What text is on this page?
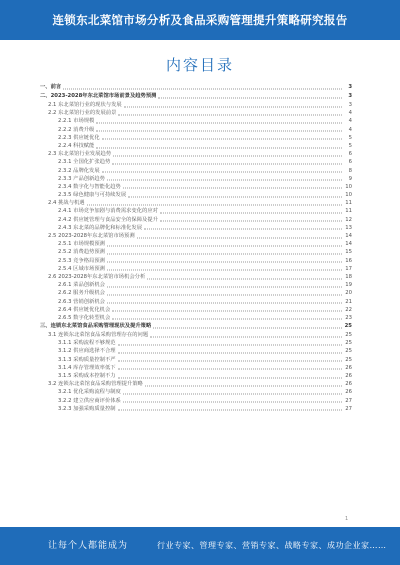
连锁东北菜馆市场分析及食品采购管理提升策略研究报告
内容目录
一、前言	3
二、2023-2028年东北菜馆市场前景及趋势预测	3
2.1 东北菜馆行业的现状与发展	3
2.2 东北菜馆行业的发展前景	4
2.2.1 市场规模	4
2.2.2 消费升级	4
2.2.3 供应链优化	5
2.2.4 科技赋能	5
2.3 东北菜馆行业发展趋势	6
2.3.1 全国化扩张趋势	6
2.3.2 品牌化发展	8
2.3.3 产品创新趋势	9
2.3.4 数字化与智能化趋势	10
2.3.5 绿色健康与可持续发展	10
2.4 挑战与机遇	11
2.4.1 市场竞争加剧与消费需求变化的应对	11
2.4.2 供应链管理与食品安全的保障及提升	12
2.4.3 东北菜的品牌化和标准化发展	13
2.5 2023-2028年东北菜馆市场预测	14
2.5.1 市场规模预测	14
2.5.2 消费趋势预测	15
2.5.3 竞争格局预测	16
2.5.4 区域市场预测	17
2.6 2023-2028年东北菜馆市场机会分析	18
2.6.1 菜品创新机会	19
2.6.2 服务升级机会	20
2.6.3 营销创新机会	21
2.6.4 供应链优化机会	22
2.6.5 数字化转型机会	23
三、连锁东北菜馆食品采购管理现状及提升策略	25
3.1 连锁东北菜馆食品采购管理存在的问题	25
3.1.1 采购流程不够规范	25
3.1.2 供应商选择不合理	25
3.1.3 采购质量控制不严	25
3.1.4 库存管理效率低下	26
3.1.5 采购成本控制不力	26
3.2 连锁东北菜馆食品采购管理提升策略	26
3.2.1 优化采购流程与制度	26
3.2.2 建立供应商评价体系	27
3.2.3 加强采购质量控制	27
1
让每个人都能成为	行业专家、管理专家、营销专家、战略专家、成功企业家……
